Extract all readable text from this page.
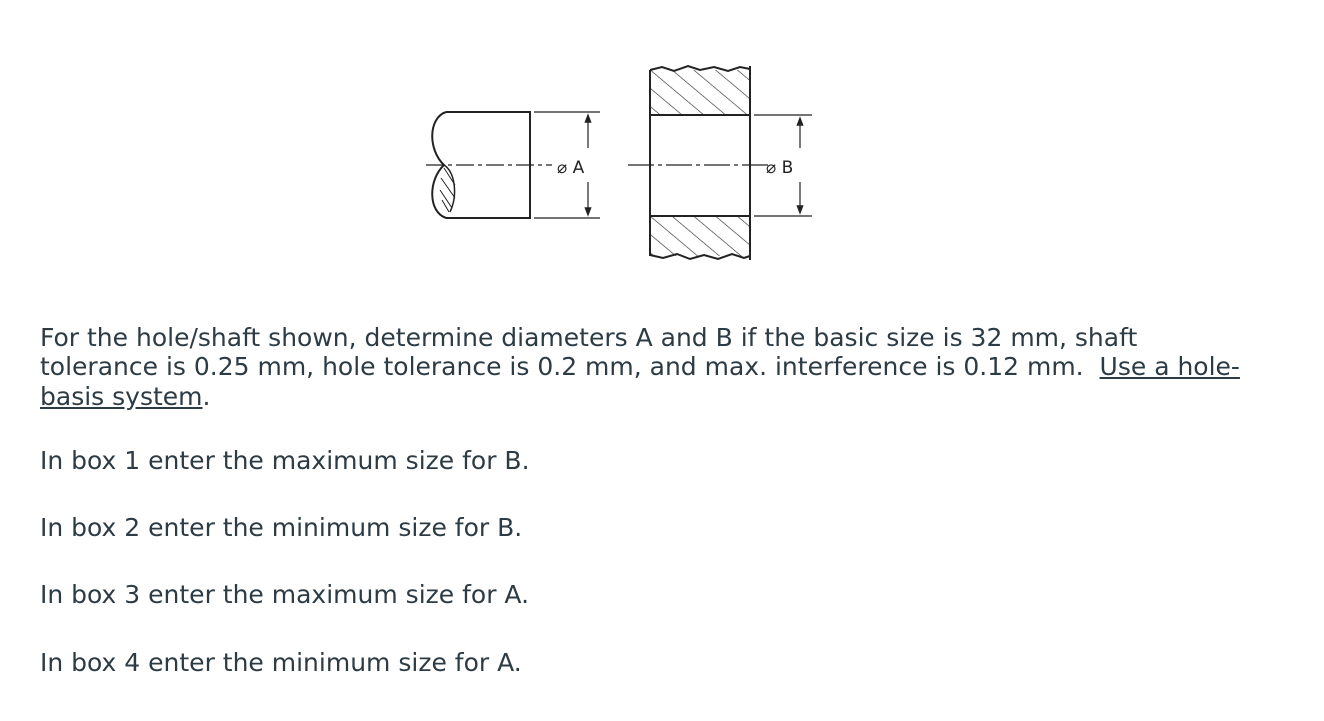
⌀ A	⌀ B

For the hole/shaft shown, determine diameters A and B if the basic size is 32 mm, shaft tolerance is 0.25 mm, hole tolerance is 0.2 mm, and max. interference is 0.12 mm. Use a hole-basis system.

In box 1 enter the maximum size for B.

In box 2 enter the minimum size for B.

In box 3 enter the maximum size for A.

In box 4 enter the minimum size for A.
